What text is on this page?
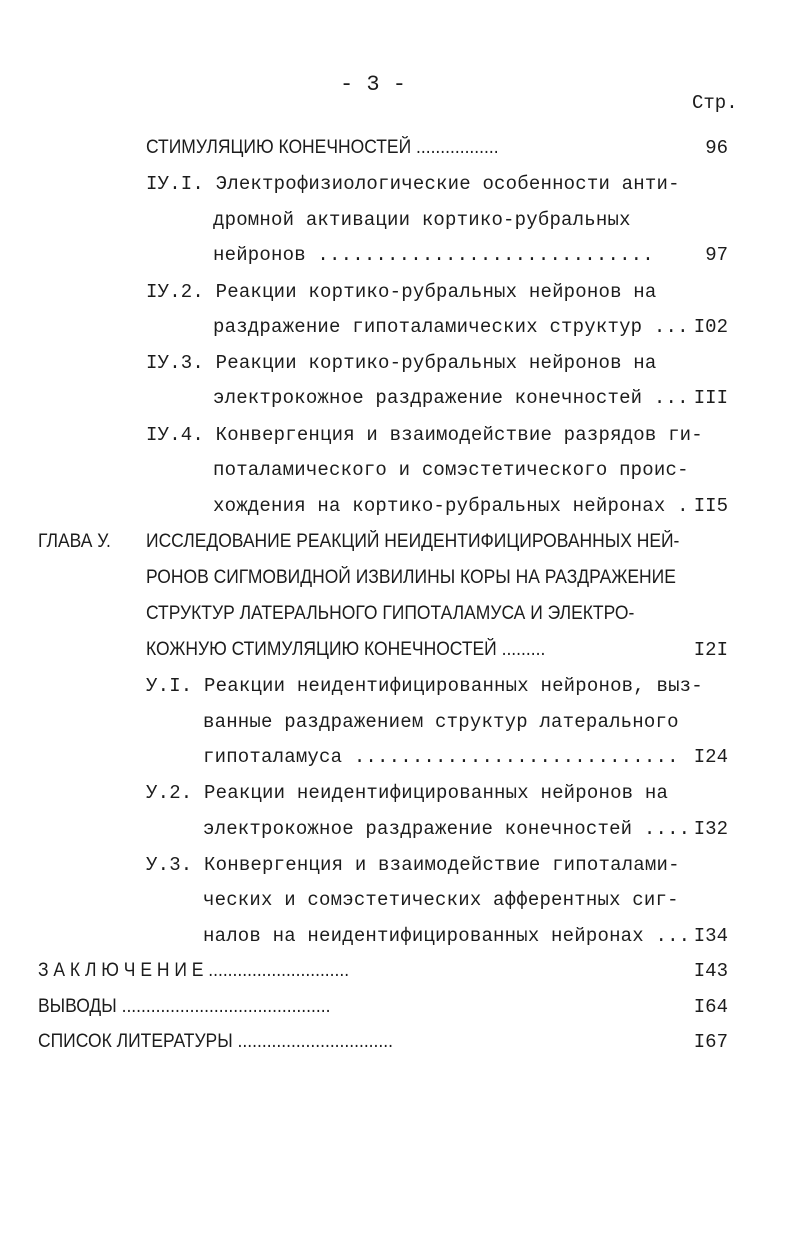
- 3 -
Стр.
СТИМУЛЯЦИЮ КОНЕЧНОСТЕЙ .................	96
IУ.I. Электрофизиологические особенности анти-
дромной активации кортико-рубральных
нейронов .............................	97
IУ.2. Реакции кортико-рубральных нейронов на
раздражение гипоталамических структур ... I02
IУ.3. Реакции кортико-рубральных нейронов на
электрокожное раздражение конечностей ... III
IУ.4. Конвергенция и взаимодействие разрядов ги-
поталамического и сомэстетического проис-
хождения на кортико-рубральных нейронах . II5
ГЛАВА У. ИССЛЕДОВАНИЕ РЕАКЦИЙ НЕИДЕНТИФИЦИРОВАННЫХ НЕЙ-
РОНОВ СИГМОВИДНОЙ ИЗВИЛИНЫ КОРЫ НА РАЗДРАЖЕНИЕ
СТРУКТУР ЛАТЕРАЛЬНОГО ГИПОТАЛАМУСА И ЭЛЕКТРО-
КОЖНУЮ СТИМУЛЯЦИЮ КОНЕЧНОСТЕЙ .........	I2I
У.I. Реакции неидентифицированных нейронов, выз-
ванные раздражением структур латерального
гипоталамуса ............................ I24
У.2. Реакции неидентифицированных нейронов на
электрокожное раздражение конечностей .... I32
У.3. Конвергенция и взаимодействие гипоталами-
ческих и сомэстетических афферентных сиг-
налов на неидентифицированных нейронах ... I34
З А К Л Ю Ч Е Н И Е .............................	I43
ВЫВОДЫ ...........................................	I64
СПИСОК ЛИТЕРАТУРЫ ................................	I67
